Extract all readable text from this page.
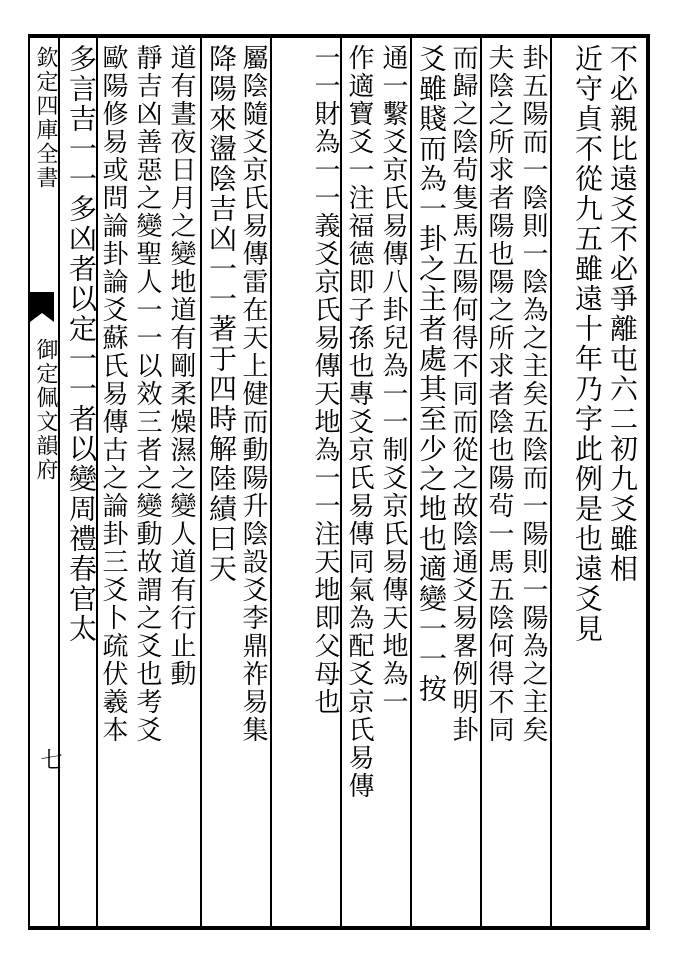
欽定四庫全書
御定佩文韻府
七
不必親比遠爻不必爭離屯六二初九爻雖相
近守貞不從九五雖遠十年乃字此例是也遠爻見
卦五陽而一陰則一陰為之主矣五陰而一陽則一陽為之主矣
夫陰之所求者陽也陽之所求者陰也陽茍一馬五陰何得不同
而歸之陰茍隻馬五陽何得不同而從之故陰通爻易畧例明卦
爻雖賤而為一卦之主者處其至少之地也適變一一按
通一繫爻京氏易傳八卦兒為一一制爻京氏易傳天地為一
作適寶爻一注福德即子孫也專爻京氏易傳同氣為配爻京氏易傳
一一財為一一義爻京氏易傳天地為一一注天地即父母也
屬陰隨爻京氏易傳雷在天上健而動陽升陰設爻李鼎祚易集
降陽來盪陰吉凶一一著于四時解陸績曰天
道有晝夜日月之變地道有剛柔燥濕之變人道有行止動
靜吉凶善惡之變聖人一一以效三者之變動故謂之爻也考爻
歐陽修易或問論卦論爻蘇氏易傳古之論卦三爻卜疏伏羲本
多言吉一一多凶者以定一一者以變周禮春官太
